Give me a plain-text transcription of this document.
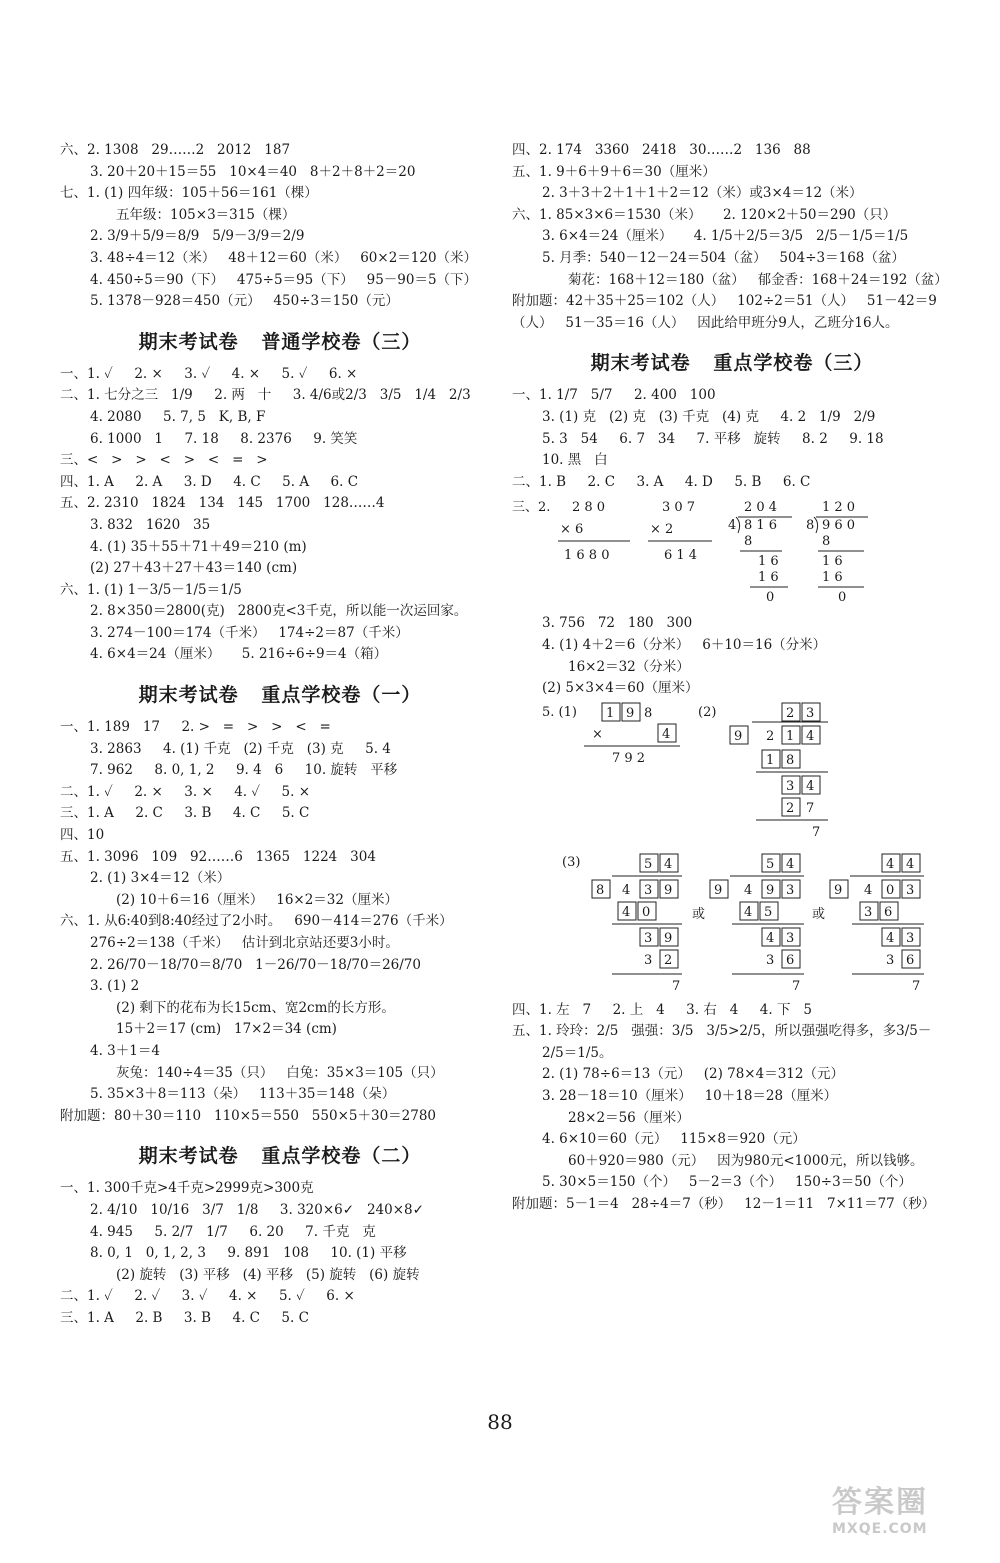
六、2. 1308   29……2   2012   187
3. 20＋20＋15＝55   10×4＝40   8＋2＋8＋2＝20
七、1. (1) 四年级：105＋56＝161（棵）
五年级：105×3＝315（棵）
2. 3/9＋5/9＝8/9   5/9－3/9＝2/9
3. 48÷4＝12（米）   48＋12＝60（米）   60×2＝120（米）
4. 450÷5＝90（下）   475÷5＝95（下）   95－90＝5（下）
5. 1378－928＝450（元）   450÷3＝150（元）
期末考试卷   普通学校卷（三）
一、1. ✓     2. ×     3. ✓     4. ×     5. ✓     6. ×
二、1. 七分之三   1/9     2. 两   十     3. 4/6或2/3   3/5   1/4   2/3
4. 2080     5. 7, 5   K, B, F
6. 1000   1     7. 18     8. 2376     9. 笑笑
三、<   >   >   <   >   <   =   >
四、1. A     2. A     3. D     4. C     5. A     6. C
五、2. 2310   1824   134   145   1700   128……4
3. 832   1620   35
4. (1) 35＋55＋71＋49＝210 (m)
(2) 27＋43＋27＋43＝140 (cm)
六、1. (1) 1－3/5－1/5＝1/5
2. 8×350＝2800(克)   2800克<3千克，所以能一次运回家。
3. 274－100＝174（千米）   174÷2＝87（千米）
4. 6×4＝24（厘米）     5. 216÷6÷9＝4（箱）
期末考试卷   重点学校卷（一）
一、1. 189   17     2. >   =   >   >   <   =
3. 2863     4. (1) 千克   (2) 千克   (3) 克     5. 4
7. 962     8. 0, 1, 2     9. 4   6     10. 旋转   平移
二、1. ✓     2. ×     3. ×     4. ✓     5. ×
三、1. A     2. C     3. B     4. C     5. C
四、10
五、1. 3096   109   92……6   1365   1224   304
2. (1) 3×4＝12（米）
(2) 10＋6＝16（厘米）   16×2＝32（厘米）
六、1. 从6:40到8:40经过了2小时。   690－414＝276（千米）
276÷2＝138（千米）   估计到北京站还要3小时。
2. 26/70－18/70＝8/70   1－26/70－18/70＝26/70
3. (1) 2
(2) 剩下的花布为长15cm、宽2cm的长方形。
15＋2＝17 (cm)   17×2＝34 (cm)
4. 3＋1＝4
灰兔：140÷4＝35（只）   白兔：35×3＝105（只）
5. 35×3＋8＝113（朵）   113＋35＝148（朵）
附加题：80＋30＝110   110×5＝550   550×5＋30＝2780
期末考试卷   重点学校卷（二）
一、1. 300千克>4千克>2999克>300克
2. 4/10   10/16   3/7   1/8     3. 320×6✓   240×8✓
4. 945     5. 2/7   1/7     6. 20     7. 千克   克
8. 0, 1   0, 1, 2, 3     9. 891   108     10. (1) 平移
(2) 旋转   (3) 平移   (4) 平移   (5) 旋转   (6) 旋转
二、1. ✓     2. ✓     3. ✓     4. ×     5. ✓     6. ×
三、1. A     2. B     3. B     4. C     5. C
四、2. 174   3360   2418   30……2   136   88
五、1. 9＋6＋9＋6＝30（厘米）
2. 3＋3＋2＋1＋1＋2＝12（米）或3×4＝12（米）
六、1. 85×3×6＝1530（米）     2. 120×2＋50＝290（只）
3. 6×4＝24（厘米）     4. 1/5＋2/5＝3/5   2/5－1/5＝1/5
5. 月季：540－12－24＝504（盆）   504÷3＝168（盆）
菊花：168＋12＝180（盆）   郁金香：168＋24＝192（盆）
附加题：42＋35＋25＝102（人）   102÷2＝51（人）   51－42＝9
（人）   51－35＝16（人）   因此给甲班分9人，乙班分16人。
期末考试卷   重点学校卷（三）
一、1. 1/7   5/7     2. 400   100
3. (1) 克   (2) 克   (3) 千克   (4) 克     4. 2   1/9   2/9
5. 3   54     6. 7   34     7. 平移   旋转     8. 2     9. 18
10. 黑   白
二、1. B     2. C     3. A     4. D     5. B     6. C
三、2. 2 8 0
× 6
1 6 8 0
3 0 7
× 2
6 1 4
2 0 4
4 8 1 6
8
1 6
1 6
0
1 2 0
8 9 6 0
8
1 6
1 6
0
3. 756   72   180   300
4. (1) 4＋2＝6（分米）   6＋10＝16（分米）
16×2＝32（分米）
(2) 5×3×4＝60（厘米）
5. (1) 1 9 8
×	4
7 9 2
(2)	2 3
9 2 1 4
1 8
3 4
2 7
7
(3)	5 4
8 4 3 9
4 0	或
3 9
3 2
7
5 4
9 4 9 3
4 5	或
4 3
3 6
7
4 4
9 4 0 3
3 6
4 3
3 6
7
四、1. 左   7     2. 上   4     3. 右   4     4. 下   5
五、1. 玲玲：2/5   强强：3/5   3/5>2/5，所以强强吃得多，多3/5－
2/5＝1/5。
2. (1) 78÷6＝13（元）   (2) 78×4＝312（元）
3. 28－18＝10（厘米）   10＋18＝28（厘米）
28×2＝56（厘米）
4. 6×10＝60（元）   115×8＝920（元）
60＋920＝980（元）   因为980元<1000元，所以钱够。
5. 30×5＝150（个）   5－2＝3（个）   150÷3＝50（个）
附加题：5－1＝4   28÷4＝7（秒）   12－1＝11   7×11＝77（秒）
88
答案圈
MXQE.COM
